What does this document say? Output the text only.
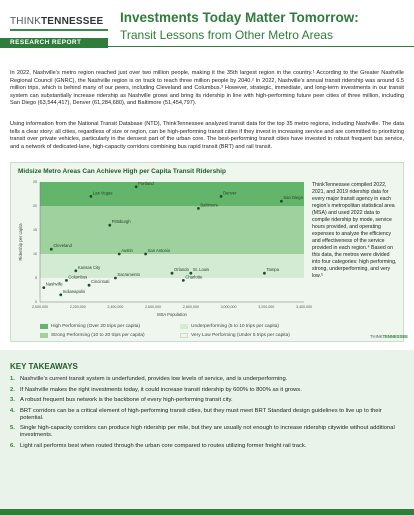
THINKTENNESSEE
RESEARCH REPORT
Investments Today Matter Tomorrow:
Transit Lessons from Other Metro Areas

In 2022, Nashville’s metro region reached just over two million people, making it the 35th largest region in the country.¹ According to the Greater Nashville Regional Council (GNRC), the Nashville region is on track to reach three million people by 2040.² In 2022, Nashville’s annual transit ridership was around 6.5 million trips, which is behind many of our peers, including Cleveland and Columbus.³ However, strategic, immediate, and long-term investments in our transit system can substantially increase ridership as Nashville grows and bring its ridership in line with high-performing future peer cities of three million, including San Diego (63,544,417), Denver (61,284,680), and Baltimore (51,454,797).

Using information from the National Transit Database (NTD), ThinkTennessee analyzed transit data for the top 35 metro regions, including Nashville. The data tells a clear story: all cities, regardless of size or region, can be high-performing transit cities if they invest in increasing service and are committed to prioritizing transit over private vehicles, particularly in the densest part of the urban core. The best-performing transit cities have invested in robust frequent bus service, and a network of dedicated-lane, high-capacity corridors combining bus rapid transit (BRT) and rail transit.

Midsize Metro Areas Can Achieve High per Capita Transit Ridership
2,000,000	2,200,000	2,400,000	2,600,000	2,800,000	3,000,000	3,200,000	3,400,000
0
5
10
15
20
25
MSA Population
Ridership per capita
Portland
Las Vegas	Denver
San Diego
Baltimore
Pittsburgh
Cleveland
Austin	San Antonio
Kansas City
Sacramento
Columbus
Cincinnati
Orlando St. Louis
Charlotte
Tampa
Nashville
Indianapolis
ThinkTennessee compiled 2022, 2021, and 2019 ridership data for every major transit agency in each region’s metropolitan statistical area (MSA) and used 2022 data to compile ridership by mode, service hours provided, and operating expenses to analyze the efficiency and effectiveness of the service provided in each region.⁴ Based on this data, the metros were divided into four categories: high performing, strong, underperforming, and very low.⁵
High Performing (Over 20 trips per capita)	Underperforming (5 to 10 trips per capita)
Strong Performing (10 to 20 trips per capita)	Very Low Performing (Under 5 trips per capita)	THINKTENNESSEE
KEY TAKEAWAYS
1. Nashville’s current transit system is underfunded, provides low levels of service, and is underperforming.
2. If Nashville makes the right investments today, it could increase transit ridership by 600% to 800% as it grows.
3. A robust frequent bus network is the backbone of every high-performing transit city.
4. BRT corridors can be a critical element of high-performing transit cities, but they must meet BRT Standard design guidelines to live up to their potential.
5. Single high-capacity corridors can produce high ridership per mile, but they are usually not enough to increase ridership citywide without additional investments.
6. Light rail performs best when routed through the urban core compared to routes utilizing former freight rail track.
